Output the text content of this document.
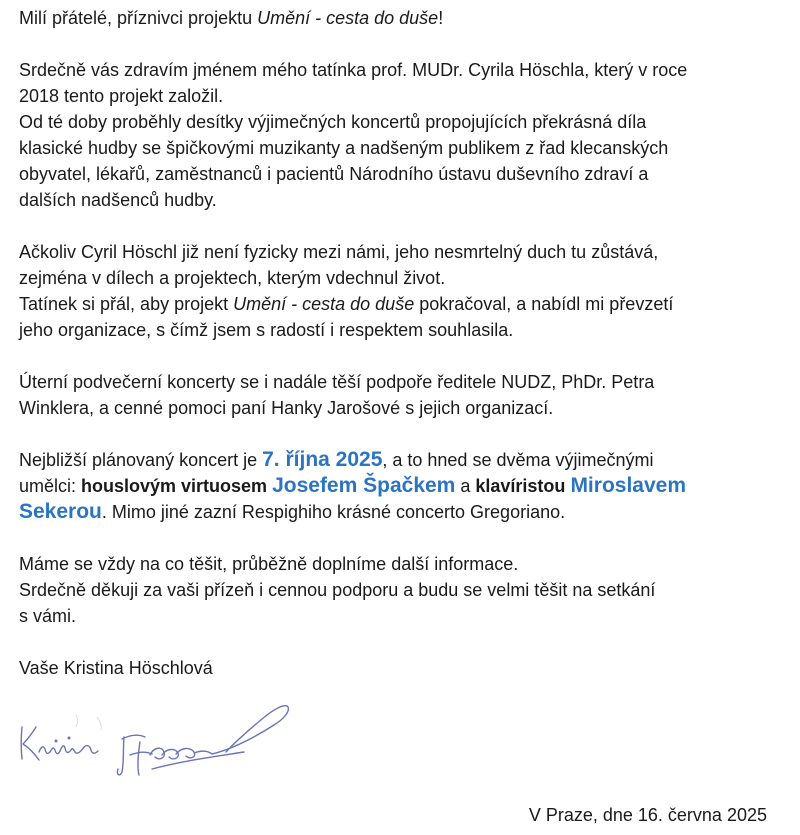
Milí přátelé, příznivci projektu Umění - cesta do duše!

Srdečně vás zdravím jménem mého tatínka prof. MUDr. Cyrila Höschla, který v roce
2018 tento projekt založil.
Od té doby proběhly desítky výjimečných koncertů propojujících překrásná díla
klasické hudby se špičkovými muzikanty a nadšeným publikem z řad klecanských
obyvatel, lékařů, zaměstnanců i pacientů Národního ústavu duševního zdraví a
dalších nadšenců hudby.

Ačkoliv Cyril Höschl již není fyzicky mezi námi, jeho nesmrtelný duch tu zůstává,
zejména v dílech a projektech, kterým vdechnul život.
Tatínek si přál, aby projekt Umění - cesta do duše pokračoval, a nabídl mi převzetí
jeho organizace, s čímž jsem s radostí i respektem souhlasila.

Úterní podvečerní koncerty se i nadále těší podpoře ředitele NUDZ, PhDr. Petra
Winklera, a cenné pomoci paní Hanky Jarošové s jejich organizací.

Nejbližší plánovaný koncert je 7. října 2025, a to hned se dvěma výjimečnými
umělci: houslovým virtuosem Josefem Špačkem a klavíristou Miroslavem
Sekerou. Mimo jiné zazní Respighiho krásné concerto Gregoriano.

Máme se vždy na co těšit, průběžně doplníme další informace.
Srdečně děkuji za vaši přízeň i cennou podporu a budu se velmi těšit na setkání
s vámi.

Vaše Kristina Höschlová

V Praze, dne 16. června 2025
